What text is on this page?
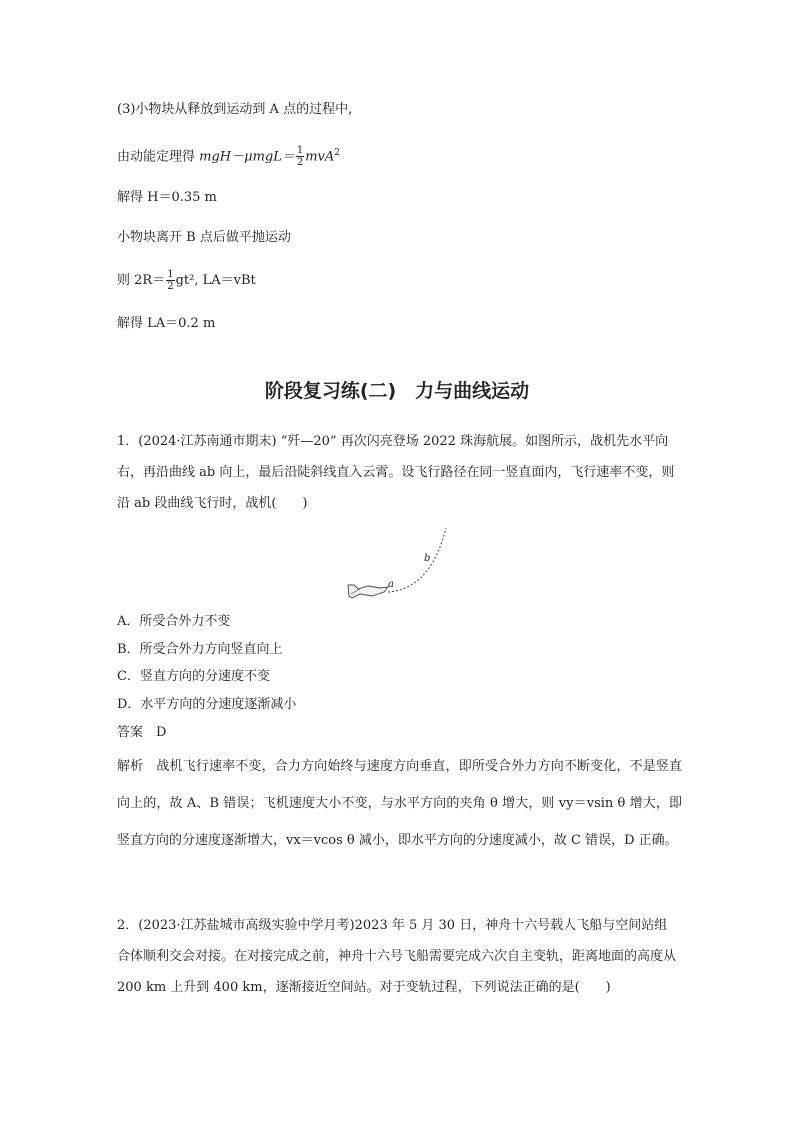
(3)小物块从释放到运动到 A 点的过程中,
由动能定理得 $mgH-\mu mgL= \frac{1}{2} mvA^2$
解得 H＝0.35 m
小物块离开 B 点后做平抛运动
则 $2R= \frac{1}{2} gt^2$, LA＝vBt
解得 LA＝0.2 m
阶段复习练(二)　力与曲线运动
1．(2024·江苏南通市期末) “歼—20” 再次闪亮登场 2022 珠海航展。如图所示，战机先水平向右，再沿曲线 ab 向上，最后沿陡斜线直入云霄。设飞行路径在同一竖直面内，飞行速率不变，则沿 ab 段曲线飞行时，战机(　　)
a
b
A．所受合外力不变
B．所受合外力方向竖直向上
C．竖直方向的分速度不变
D．水平方向的分速度逐渐减小
答案　D
解析　战机飞行速率不变，合力方向始终与速度方向垂直，即所受合外力方向不断变化，不是竖直向上的，故 A、B 错误；飞机速度大小不变，与水平方向的夹角 θ 增大，则 vy＝vsin θ 增大，即竖直方向的分速度逐渐增大，vx＝vcos θ 减小，即水平方向的分速度减小，故 C 错误，D 正确。
2．(2023·江苏盐城市高级实验中学月考)2023 年 5 月 30 日，神舟十六号载人飞船与空间站组合体顺利交会对接。在对接完成之前，神舟十六号飞船需要完成六次自主变轨，距离地面的高度从 200 km 上升到 400 km，逐渐接近空间站。对于变轨过程，下列说法正确的是(　　)
